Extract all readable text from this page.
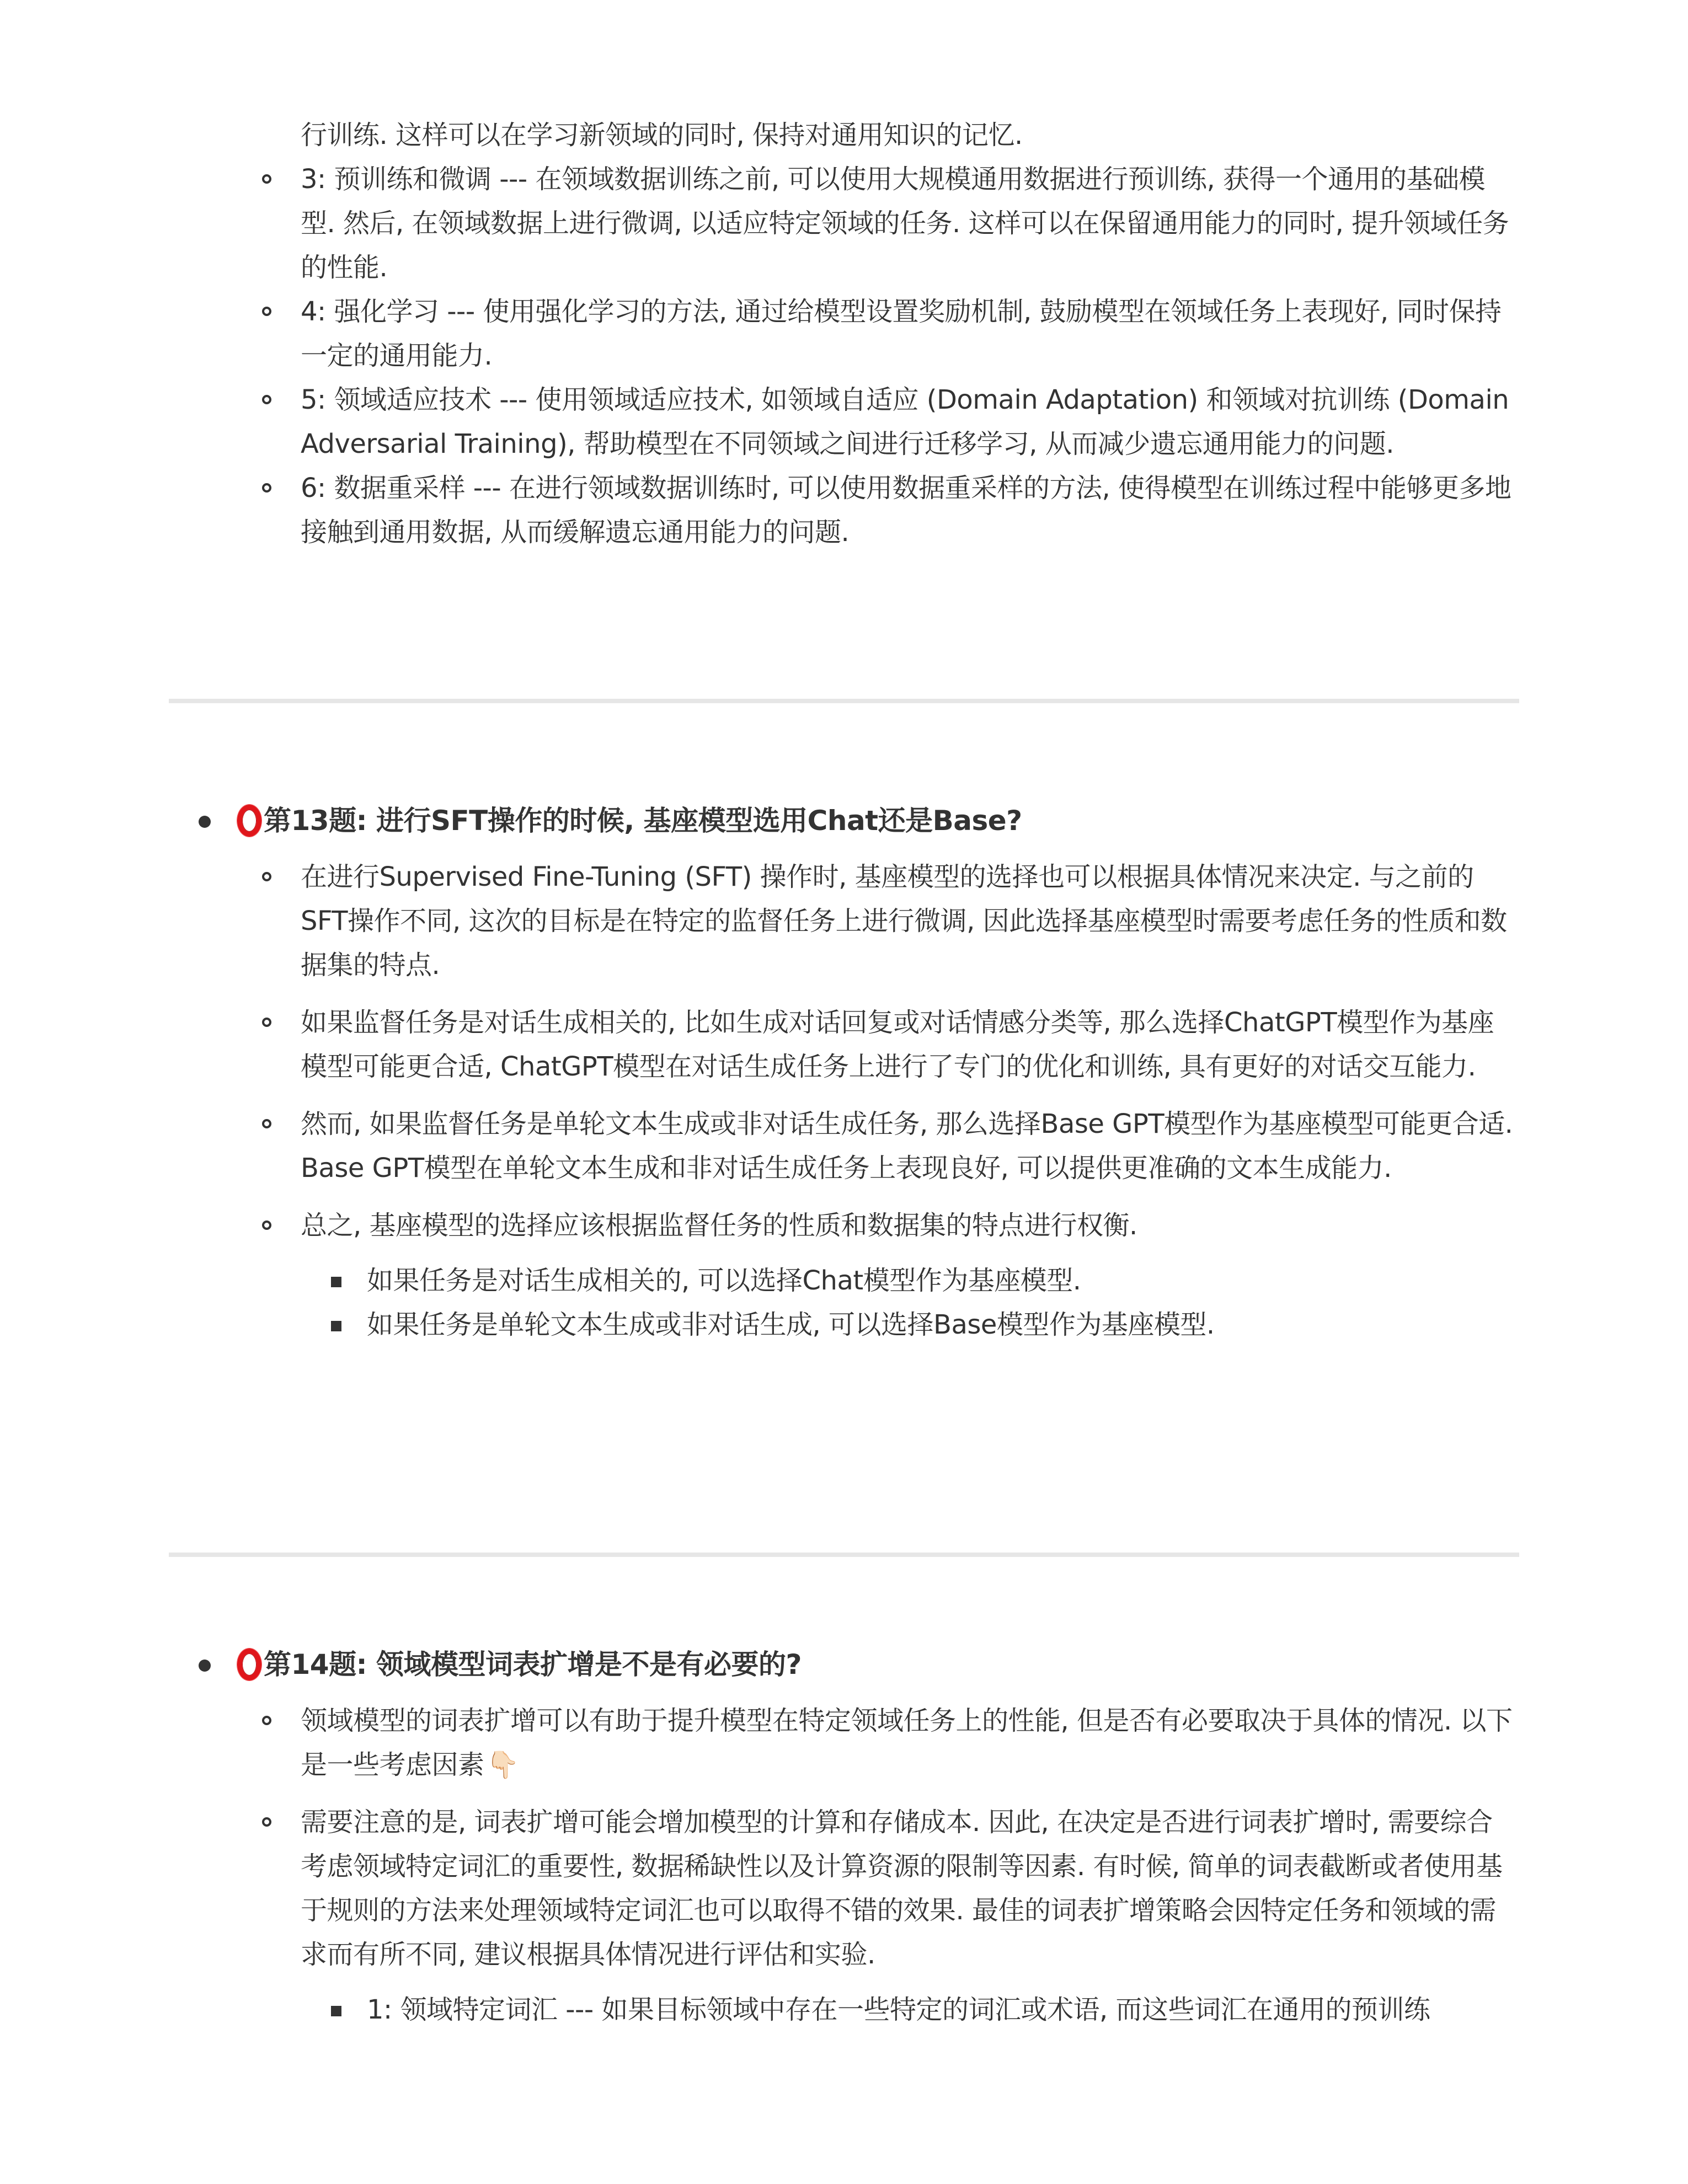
行训练. 这样可以在学习新领域的同时, 保持对通用知识的记忆.
3: 预训练和微调 --- 在领域数据训练之前, 可以使用大规模通用数据进行预训练, 获得一个通用的基础模型. 然后, 在领域数据上进行微调, 以适应特定领域的任务. 这样可以在保留通用能力的同时, 提升领域任务的性能.
4: 强化学习 --- 使用强化学习的方法, 通过给模型设置奖励机制, 鼓励模型在领域任务上表现好, 同时保持一定的通用能力.
5: 领域适应技术 --- 使用领域适应技术, 如领域自适应 (Domain Adaptation) 和领域对抗训练 (Domain Adversarial Training), 帮助模型在不同领域之间进行迁移学习, 从而减少遗忘通用能力的问题.
6: 数据重采样 --- 在进行领域数据训练时, 可以使用数据重采样的方法, 使得模型在训练过程中能够更多地接触到通用数据, 从而缓解遗忘通用能力的问题.
第13题: 进行SFT操作的时候, 基座模型选用Chat还是Base?
在进行Supervised Fine-Tuning (SFT) 操作时, 基座模型的选择也可以根据具体情况来决定. 与之前的SFT操作不同, 这次的目标是在特定的监督任务上进行微调, 因此选择基座模型时需要考虑任务的性质和数据集的特点.
如果监督任务是对话生成相关的, 比如生成对话回复或对话情感分类等, 那么选择ChatGPT模型作为基座模型可能更合适, ChatGPT模型在对话生成任务上进行了专门的优化和训练, 具有更好的对话交互能力.
然而, 如果监督任务是单轮文本生成或非对话生成任务, 那么选择Base GPT模型作为基座模型可能更合适. Base GPT模型在单轮文本生成和非对话生成任务上表现良好, 可以提供更准确的文本生成能力.
总之, 基座模型的选择应该根据监督任务的性质和数据集的特点进行权衡.
如果任务是对话生成相关的, 可以选择Chat模型作为基座模型.
如果任务是单轮文本生成或非对话生成, 可以选择Base模型作为基座模型.
第14题: 领域模型词表扩增是不是有必要的?
领域模型的词表扩增可以有助于提升模型在特定领域任务上的性能, 但是否有必要取决于具体的情况. 以下是一些考虑因素👇🏻
需要注意的是, 词表扩增可能会增加模型的计算和存储成本. 因此, 在决定是否进行词表扩增时, 需要综合考虑领域特定词汇的重要性, 数据稀缺性以及计算资源的限制等因素. 有时候, 简单的词表截断或者使用基于规则的方法来处理领域特定词汇也可以取得不错的效果. 最佳的词表扩增策略会因特定任务和领域的需求而有所不同, 建议根据具体情况进行评估和实验.
1: 领域特定词汇 --- 如果目标领域中存在一些特定的词汇或术语, 而这些词汇在通用的预训练
